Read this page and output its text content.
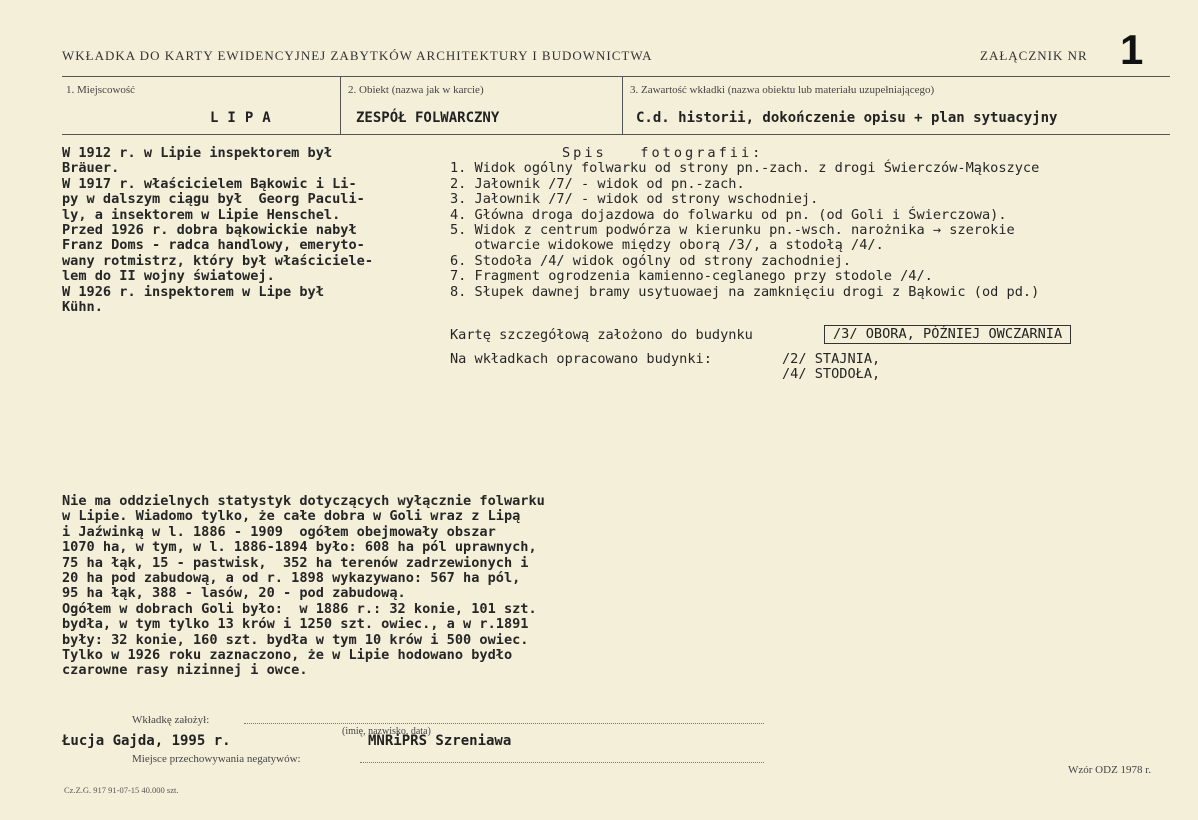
WKŁADKA DO KARTY EWIDENCYJNEJ ZABYTKÓW ARCHITEKTURY I BUDOWNICTWA	ZAŁĄCZNIK NR 1
1. Miejscowość	2. Obiekt (nazwa jak w karcie)	3. Zawartość wkładki (nazwa obiektu lub materiału uzupełniającego)
LIPA	ZESPÓŁ FOLWARCZNY	C.d. historii, dokończenie opisu + plan sytuacyjny
W 1912 r. w Lipie inspektorem był
Bräuer.
W 1917 r. właścicielem Bąkowic i Li-
py w dalszym ciągu był  Georg Paculi-
ly, a insektorem w Lipie Henschel.
Przed 1926 r. dobra bąkowickie nabył
Franz Doms - radca handlowy, emeryto-
wany rotmistrz, który był właściciele-
lem do II wojny światowej.
W 1926 r. inspektorem w Lipe był
Kühn.
Spis   fotografii:
1. Widok ogólny folwarku od strony pn.-zach. z drogi Świerczów-Mąkoszyce
2. Jałownik /7/ - widok od pn.-zach.
3. Jałownik /7/ - widok od strony wschodniej.
4. Główna droga dojazdowa do folwarku od pn. (od Goli i Świerczowa).
5. Widok z centrum podwórza w kierunku pn.-wsch. narożnika → szerokie
otwarcie widokowe między oborą /3/, a stodołą /4/.
6. Stodoła /4/ widok ogólny od strony zachodniej.
7. Fragment ogrodzenia kamienno-ceglanego przy stodole /4/.
8. Słupek dawnej bramy usytuowaej na zamknięciu drogi z Bąkowic (od pd.)
Kartę szczegółową założono do budynku	/3/ OBORA, PÓŹNIEJ OWCZARNIA
Na wkładkach opracowano budynki:	/2/ STAJNIA,
/4/ STODOŁA,
Nie ma oddzielnych statystyk dotyczących wyłącznie folwarku
w Lipie. Wiadomo tylko, że całe dobra w Goli wraz z Lipą
i Jaźwinką w l. 1886 - 1909  ogółem obejmowały obszar
1070 ha, w tym, w l. 1886-1894 było: 608 ha pól uprawnych,
75 ha łąk, 15 - pastwisk,  352 ha terenów zadrzewionych i
20 ha pod zabudową, a od r. 1898 wykazywano: 567 ha pól,
95 ha łąk, 388 - lasów, 20 - pod zabudową.
Ogółem w dobrach Goli było:  w 1886 r.: 32 konie, 101 szt.
bydła, w tym tylko 13 krów i 1250 szt. owiec., a w r.1891
były: 32 konie, 160 szt. bydła w tym 10 krów i 500 owiec.
Tylko w 1926 roku zaznaczono, że w Lipie hodowano bydło
czarowne rasy nizinnej i owce.
Wkładkę założył:
(imię, nazwisko, data)
Łucja Gajda, 1995 r.	MNRiPRS Szreniawa
Miejsce przechowywania negatywów:
Cz.Z.G. 917 91-07-15 40.000 szt.
Wzór ODZ 1978 r.
